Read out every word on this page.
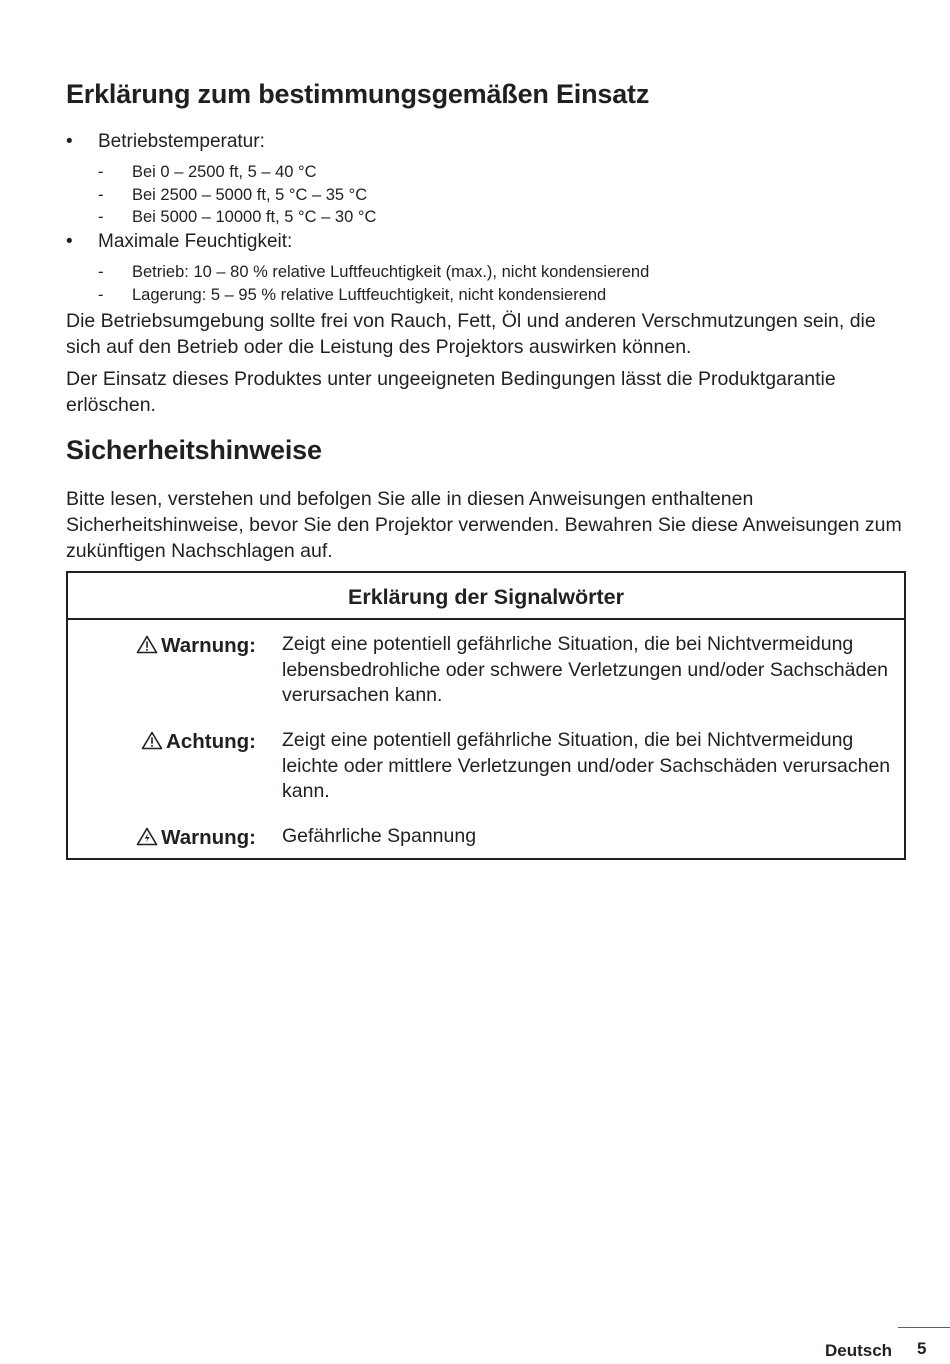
Erklärung zum bestimmungsgemäßen Einsatz
•	Betriebstemperatur:
- Bei 0 – 2500 ft, 5 – 40 °C
- Bei 2500 – 5000 ft, 5 °C – 35 °C
- Bei 5000 – 10000 ft, 5 °C – 30 °C
•	Maximale Feuchtigkeit:
- Betrieb: 10 – 80 % relative Luftfeuchtigkeit (max.), nicht kondensierend
- Lagerung: 5 – 95 % relative Luftfeuchtigkeit, nicht kondensierend

Die Betriebsumgebung sollte frei von Rauch, Fett, Öl und anderen Verschmutzungen sein, die sich auf den Betrieb oder die Leistung des Projektors auswirken können.

Der Einsatz dieses Produktes unter ungeeigneten Bedingungen lässt die Produktgarantie erlöschen.

Sicherheitshinweise

Bitte lesen, verstehen und befolgen Sie alle in diesen Anweisungen enthaltenen Sicherheitshinweise, bevor Sie den Projektor verwenden. Bewahren Sie diese Anweisungen zum zukünftigen Nachschlagen auf.

Erklärung der Signalwörter
Warnung: Zeigt eine potentiell gefährliche Situation, die bei Nichtvermeidung lebensbedrohliche oder schwere Verletzungen und/oder Sachschäden verursachen kann.
Achtung: Zeigt eine potentiell gefährliche Situation, die bei Nichtvermeidung leichte oder mittlere Verletzungen und/oder Sachschäden verursachen kann.
Warnung: Gefährliche Spannung
Deutsch 5
